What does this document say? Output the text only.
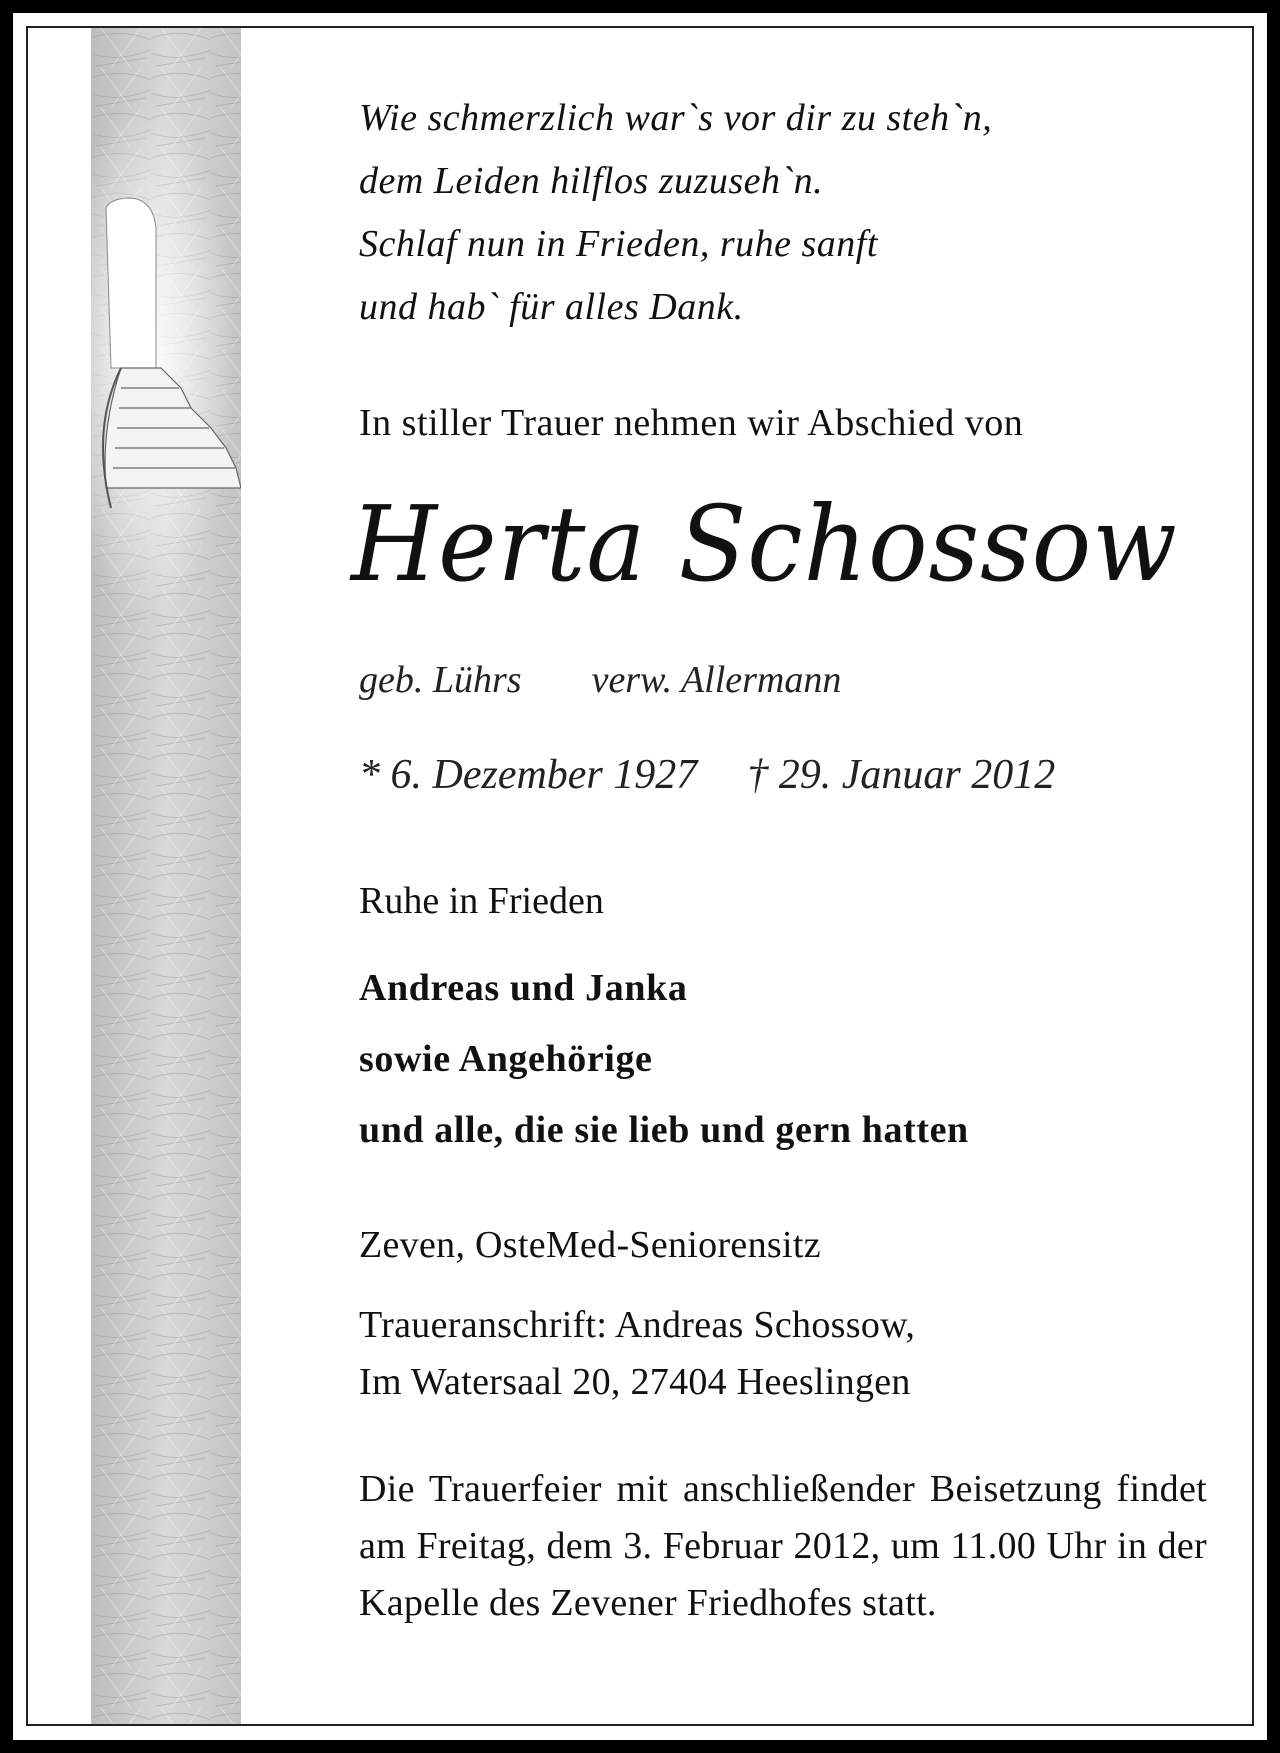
Wie schmerzlich war`s vor dir zu steh`n,
dem Leiden hilflos zuzuseh`n.
Schlaf nun in Frieden, ruhe sanft
und hab` für alles Dank.
In stiller Trauer nehmen wir Abschied von
Herta Schossow
geb. Lührs verw. Allermann
* 6. Dezember 1927 † 29. Januar 2012
Ruhe in Frieden
Andreas und Janka
sowie Angehörige
und alle, die sie lieb und gern hatten
Zeven, OsteMed-Seniorensitz
Traueranschrift: Andreas Schossow,
Im Watersaal 20, 27404 Heeslingen
Die Trauerfeier mit anschließender Beisetzung findet am Freitag, dem 3. Februar 2012, um 11.00 Uhr in der Kapelle des Zevener Friedhofes statt.
